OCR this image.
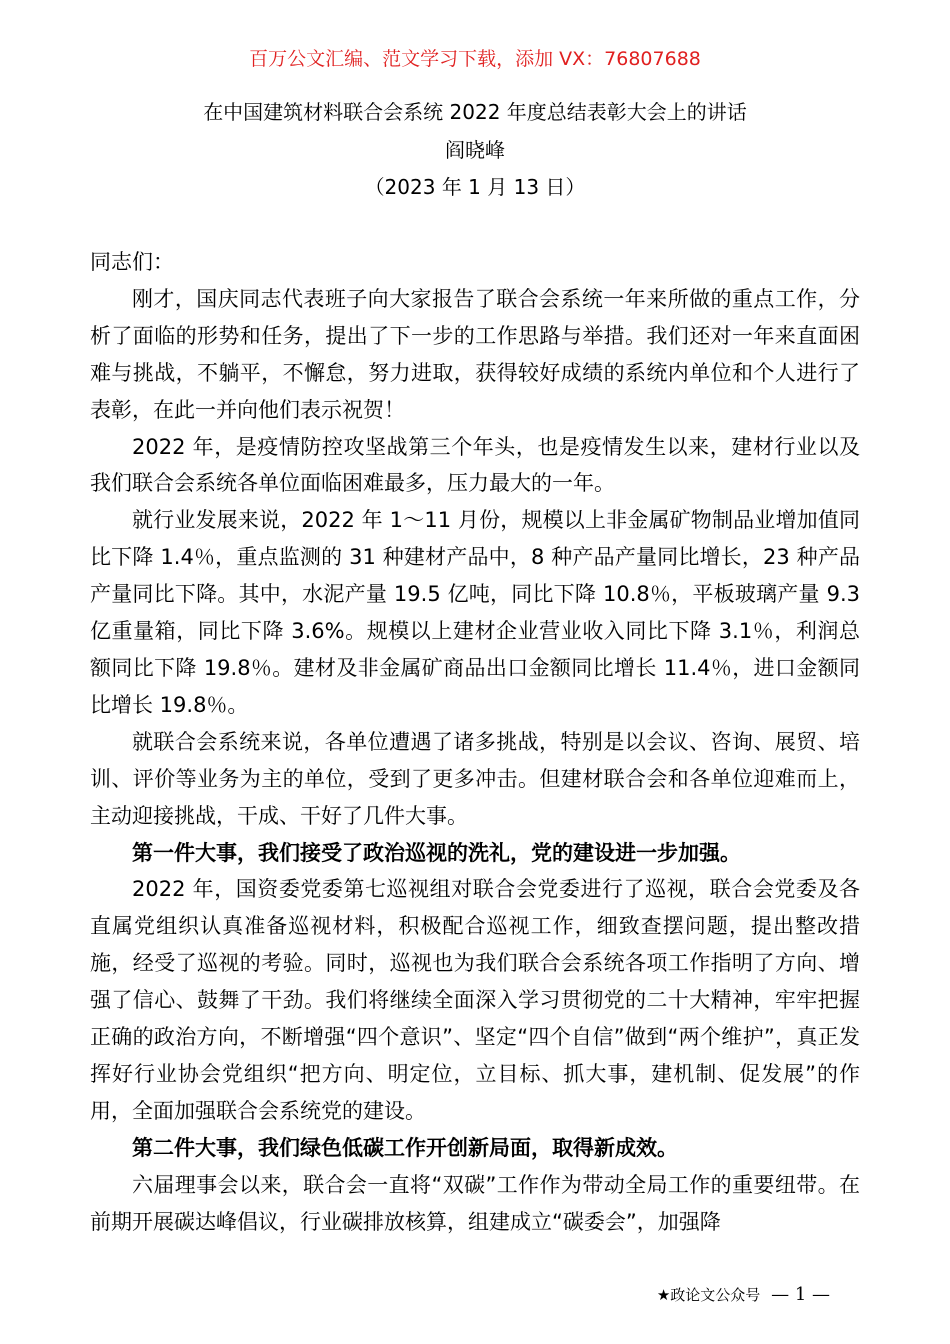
百万公文汇编、范文学习下载，添加 VX：76807688
在中国建筑材料联合会系统 2022 年度总结表彰大会上的讲话
阎晓峰
（2023 年 1 月 13 日）

同志们：

刚才，国庆同志代表班子向大家报告了联合会系统一年来所做的重点工作，分析了面临的形势和任务，提出了下一步的工作思路与举措。我们还对一年来直面困难与挑战，不躺平，不懈怠，努力进取，获得较好成绩的系统内单位和个人进行了表彰，在此一并向他们表示祝贺！

2022 年，是疫情防控攻坚战第三个年头，也是疫情发生以来，建材行业以及我们联合会系统各单位面临困难最多，压力最大的一年。

就行业发展来说，2022 年 1～11 月份，规模以上非金属矿物制品业增加值同比下降 1.4％，重点监测的 31 种建材产品中，8 种产品产量同比增长，23 种产品产量同比下降。其中，水泥产量 19.5 亿吨，同比下降 10.8％，平板玻璃产量 9.3 亿重量箱，同比下降 3.6%。规模以上建材企业营业收入同比下降 3.1％，利润总额同比下降 19.8％。建材及非金属矿商品出口金额同比增长 11.4％，进口金额同比增长 19.8％。

就联合会系统来说，各单位遭遇了诸多挑战，特别是以会议、咨询、展贸、培训、评价等业务为主的单位，受到了更多冲击。但建材联合会和各单位迎难而上，主动迎接挑战，干成、干好了几件大事。

第一件大事，我们接受了政治巡视的洗礼，党的建设进一步加强。

2022 年，国资委党委第七巡视组对联合会党委进行了巡视，联合会党委及各直属党组织认真准备巡视材料，积极配合巡视工作，细致查摆问题，提出整改措施，经受了巡视的考验。同时，巡视也为我们联合会系统各项工作指明了方向、增强了信心、鼓舞了干劲。我们将继续全面深入学习贯彻党的二十大精神，牢牢把握正确的政治方向，不断增强“四个意识”、坚定“四个自信”做到“两个维护”，真正发挥好行业协会党组织“把方向、明定位，立目标、抓大事，建机制、促发展”的作用，全面加强联合会系统党的建设。

第二件大事，我们绿色低碳工作开创新局面，取得新成效。

六届理事会以来，联合会一直将“双碳”工作作为带动全局工作的重要纽带。在前期开展碳达峰倡议，行业碳排放核算，组建成立“碳委会”，加强降

★政论文公众号 — 1 —
